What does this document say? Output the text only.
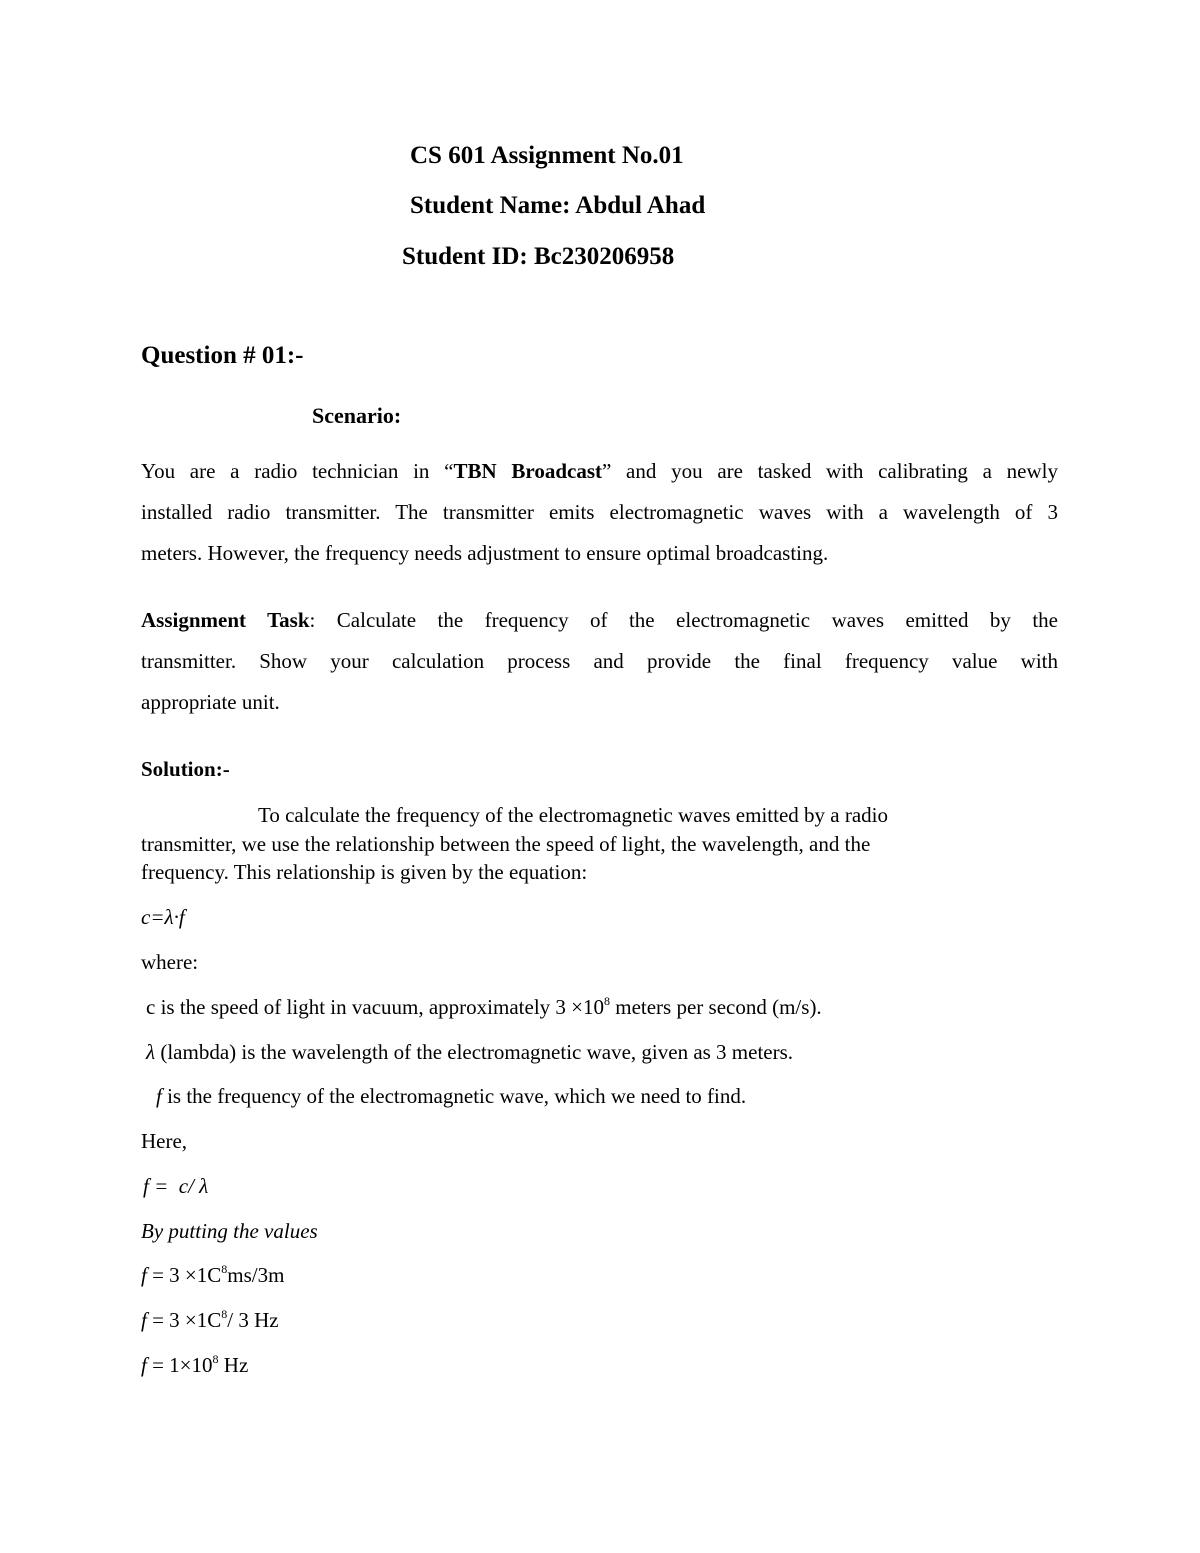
CS 601 Assignment No.01
Student Name: Abdul Ahad
Student ID: Bc230206958
Question # 01:-
Scenario:
You are a radio technician in “TBN Broadcast” and you are tasked with calibrating a newly
installed radio transmitter. The transmitter emits electromagnetic waves with a wavelength of 3
meters. However, the frequency needs adjustment to ensure optimal broadcasting.
Assignment Task: Calculate the frequency of the electromagnetic waves emitted by the
transmitter. Show your calculation process and provide the final frequency value with
appropriate unit.
Solution:-
To calculate the frequency of the electromagnetic waves emitted by a radio
transmitter, we use the relationship between the speed of light, the wavelength, and the
frequency. This relationship is given by the equation:
c=λ·f
where:
c is the speed of light in vacuum, approximately $3 \times 10^8$ meters per second (m/s).
λ (lambda) is the wavelength of the electromagnetic wave, given as 3 meters.
f is the frequency of the electromagnetic wave, which we need to find.
Here,
f =  c/ λ
By putting the values
$f = 3 \times 1C^8ms/3m$
$f = 3 \times 1C^8/$ 3 Hz
$f = 1\times 10^8$ Hz
